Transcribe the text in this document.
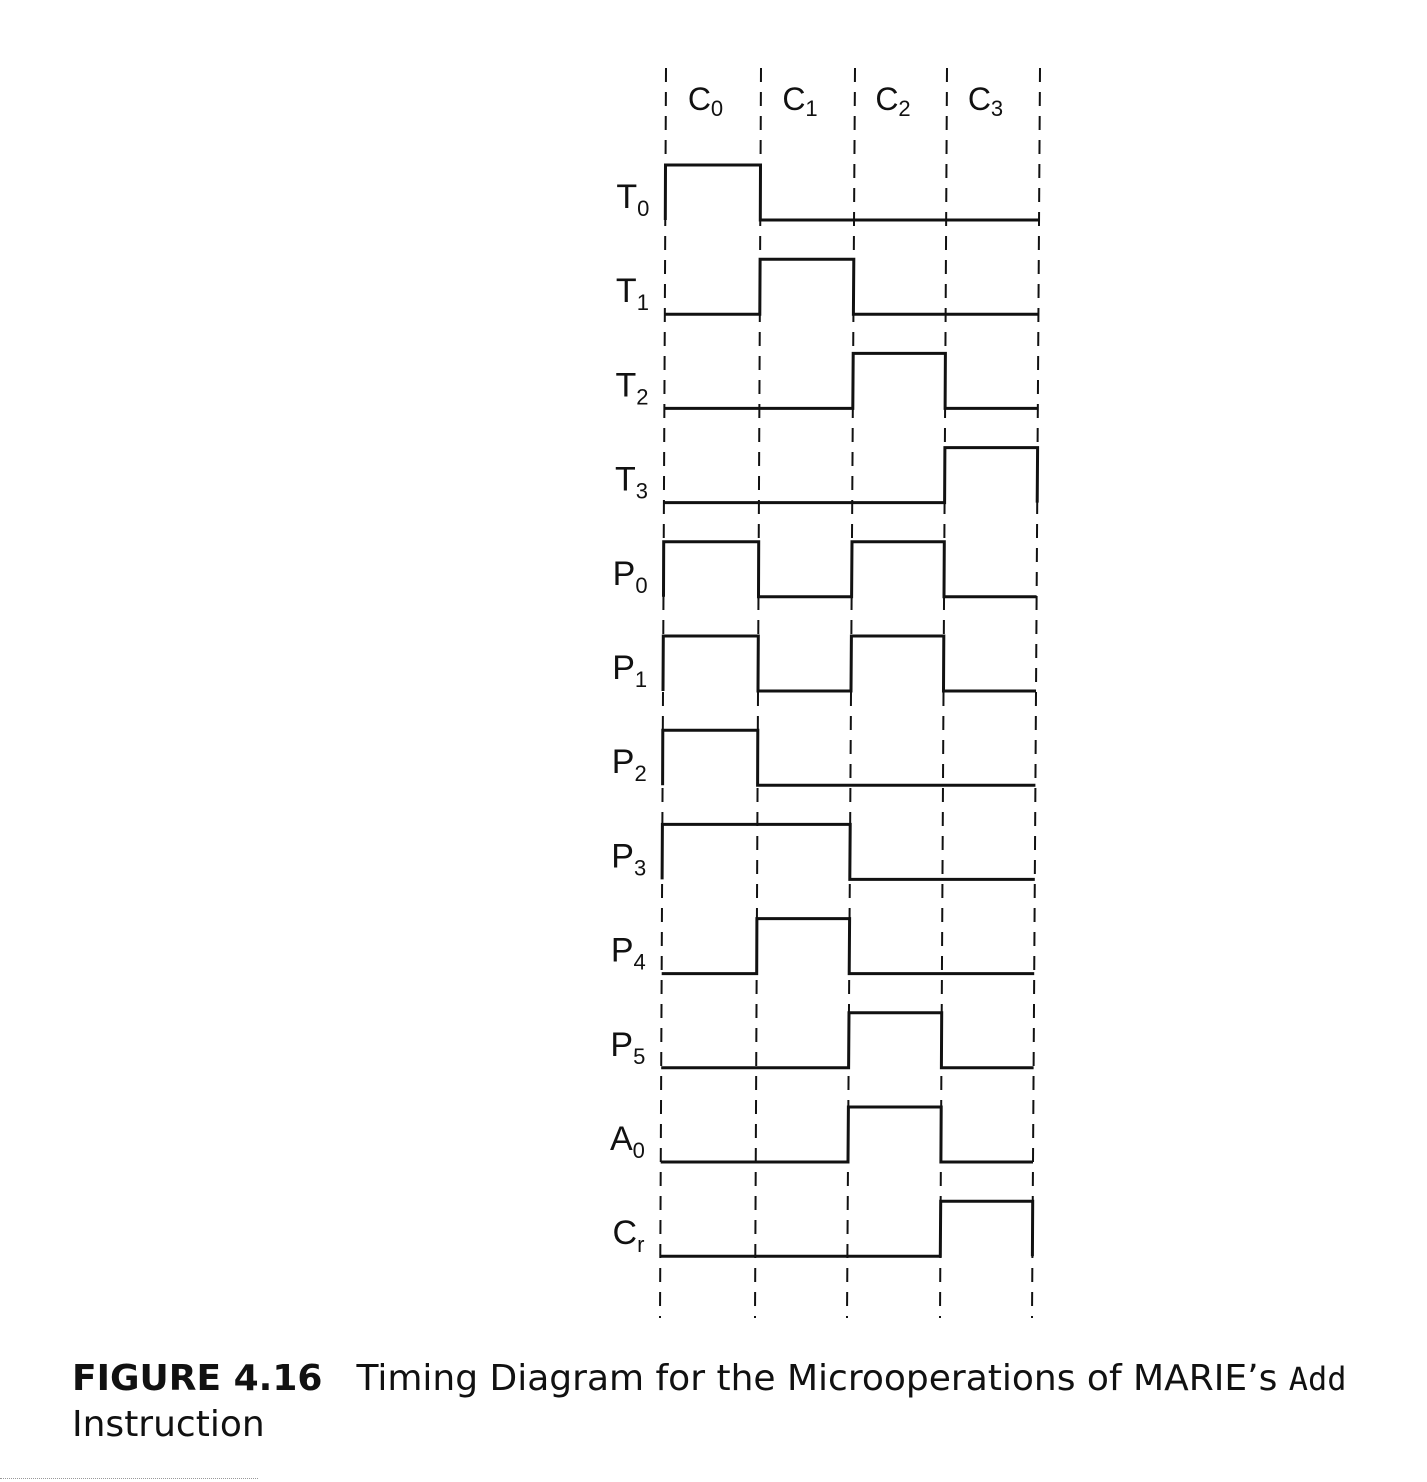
C0 C1 C2 C3
$T_0$
$T_1$
$T_2$
$T_3$
$P_0$
$P_1$
$P_2$
$P_3$
$P_4$
$P_5$
$A_0$
$C_r$
FIGURE 4.16 Timing Diagram for the Microoperations of MARIE’s Add Instruction
